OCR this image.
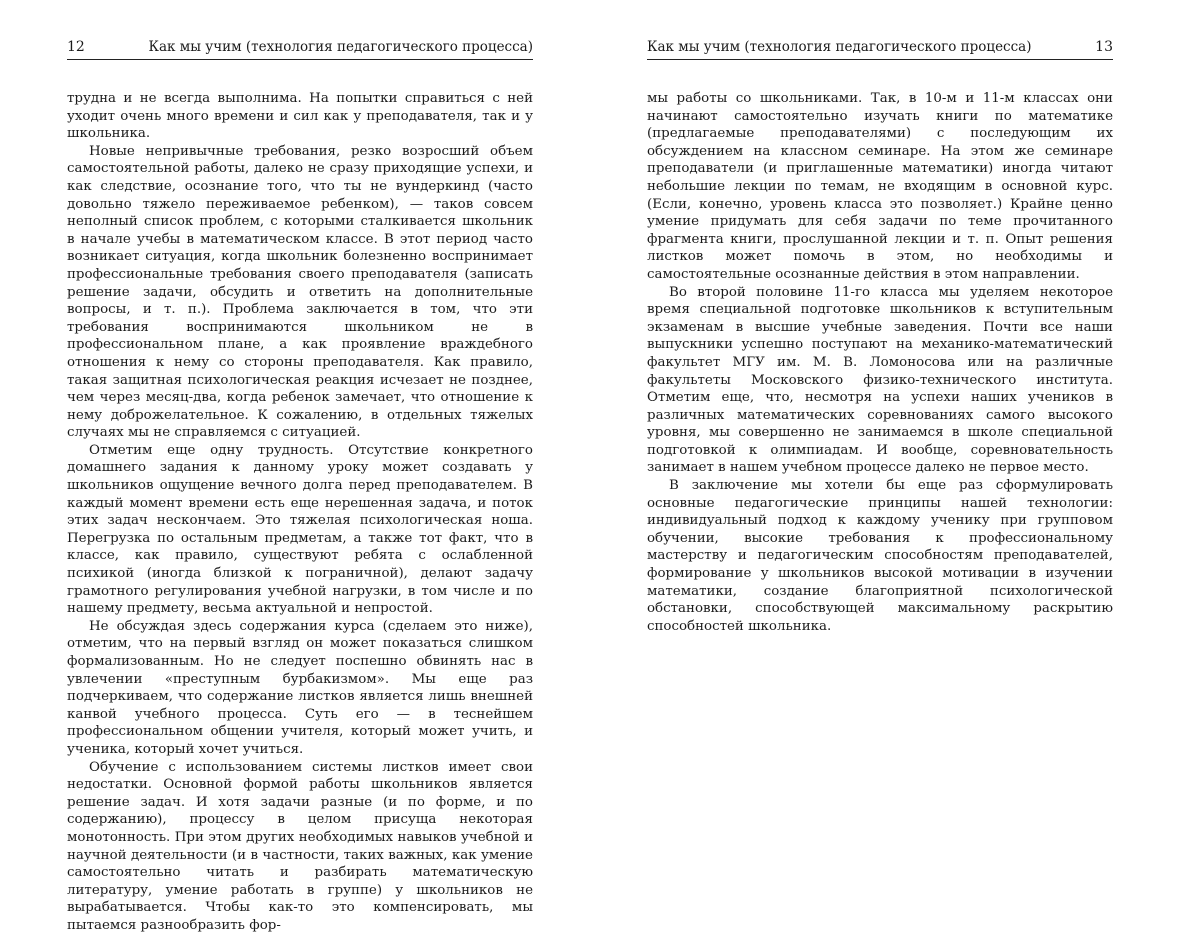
12	Как мы учим (технология педагогического процесса)

трудна и не всегда выполнима. На попытки справиться с ней уходит очень много времени и сил как у преподавателя, так и у школьника.

Новые непривычные требования, резко возросший объем самостоятельной работы, далеко не сразу приходящие успехи, и как следствие, осознание того, что ты не вундеркинд (часто довольно тяжело переживаемое ребенком), — таков совсем неполный список проблем, с которыми сталкивается школьник в начале учебы в математическом классе. В этот период часто возникает ситуация, когда школьник болезненно воспринимает профессиональные требования своего преподавателя (записать решение задачи, обсудить и ответить на дополнительные вопросы, и т. п.). Проблема заключается в том, что эти требования воспринимаются школьником не в профессиональном плане, а как проявление враждебного отношения к нему со стороны преподавателя. Как правило, такая защитная психологическая реакция исчезает не позднее, чем через месяц-два, когда ребенок замечает, что отношение к нему доброжелательное. К сожалению, в отдельных тяжелых случаях мы не справляемся с ситуацией.

Отметим еще одну трудность. Отсутствие конкретного домашнего задания к данному уроку может создавать у школьников ощущение вечного долга перед преподавателем. В каждый момент времени есть еще нерешенная задача, и поток этих задач нескончаем. Это тяжелая психологическая ноша. Перегрузка по остальным предметам, а также тот факт, что в классе, как правило, существуют ребята с ослабленной психикой (иногда близкой к пограничной), делают задачу грамотного регулирования учебной нагрузки, в том числе и по нашему предмету, весьма актуальной и непростой.

Не обсуждая здесь содержания курса (сделаем это ниже), отметим, что на первый взгляд он может показаться слишком формализованным. Но не следует поспешно обвинять нас в увлечении «преступным бурбакизмом». Мы еще раз подчеркиваем, что содержание листков является лишь внешней канвой учебного процесса. Суть его — в теснейшем профессиональном общении учителя, который может учить, и ученика, который хочет учиться.

Обучение с использованием системы листков имеет свои недостатки. Основной формой работы школьников является решение задач. И хотя задачи разные (и по форме, и по содержанию), процессу в целом присуща некоторая монотонность. При этом других необходимых навыков учебной и научной деятельности (и в частности, таких важных, как умение самостоятельно читать и разбирать математическую литературу, умение работать в группе) у школьников не вырабатывается. Чтобы как-то это компенсировать, мы пытаемся разнообразить фор-

Как мы учим (технология педагогического процесса)	13

мы работы со школьниками. Так, в 10-м и 11-м классах они начинают самостоятельно изучать книги по математике (предлагаемые преподавателями) с последующим их обсуждением на классном семинаре. На этом же семинаре преподаватели (и приглашенные математики) иногда читают небольшие лекции по темам, не входящим в основной курс. (Если, конечно, уровень класса это позволяет.) Крайне ценно умение придумать для себя задачи по теме прочитанного фрагмента книги, прослушанной лекции и т. п. Опыт решения листков может помочь в этом, но необходимы и самостоятельные осознанные действия в этом направлении.

Во второй половине 11-го класса мы уделяем некоторое время специальной подготовке школьников к вступительным экзаменам в высшие учебные заведения. Почти все наши выпускники успешно поступают на механико-математический факультет МГУ им. М. В. Ломоносова или на различные факультеты Московского физико-технического института. Отметим еще, что, несмотря на успехи наших учеников в различных математических соревнованиях самого высокого уровня, мы совершенно не занимаемся в школе специальной подготовкой к олимпиадам. И вообще, соревновательность занимает в нашем учебном процессе далеко не первое место.

В заключение мы хотели бы еще раз сформулировать основные педагогические принципы нашей технологии: индивидуальный подход к каждому ученику при групповом обучении, высокие требования к профессиональному мастерству и педагогическим способностям преподавателей, формирование у школьников высокой мотивации в изучении математики, создание благоприятной психологической обстановки, способствующей максимальному раскрытию способностей школьника.
